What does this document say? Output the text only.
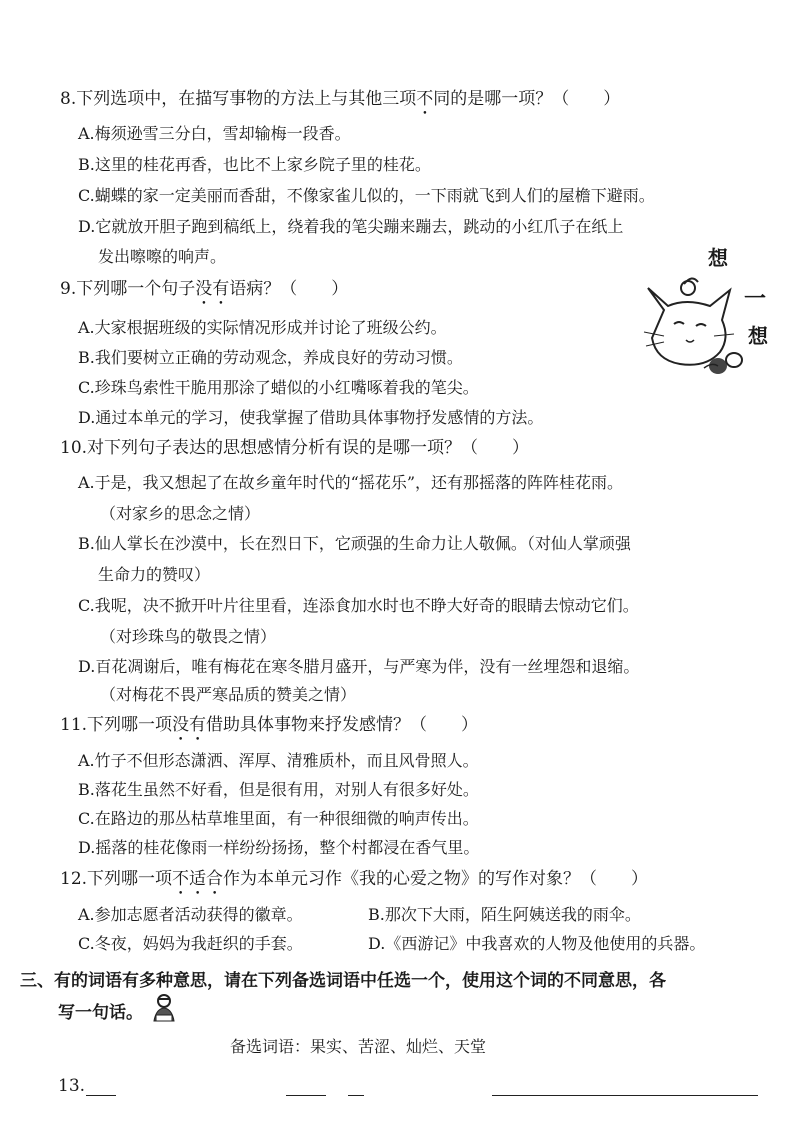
8.下列选项中，在描写事物的方法上与其他三项不同的是哪一项？（　　）
A.梅须逊雪三分白，雪却输梅一段香。
B.这里的桂花再香，也比不上家乡院子里的桂花。
C.蝴蝶的家一定美丽而香甜，不像家雀儿似的，一下雨就飞到人们的屋檐下避雨。
D.它就放开胆子跑到稿纸上，绕着我的笔尖蹦来蹦去，跳动的小红爪子在纸上
发出嚓嚓的响声。
9.下列哪一个句子没有语病？（　　）
A.大家根据班级的实际情况形成并讨论了班级公约。
B.我们要树立正确的劳动观念，养成良好的劳动习惯。
C.珍珠鸟索性干脆用那涂了蜡似的小红嘴啄着我的笔尖。
D.通过本单元的学习，使我掌握了借助具体事物抒发感情的方法。
想
一
想
10.对下列句子表达的思想感情分析有误的是哪一项？（　　）
A.于是，我又想起了在故乡童年时代的“摇花乐”，还有那摇落的阵阵桂花雨。
（对家乡的思念之情）
B.仙人掌长在沙漠中，长在烈日下，它顽强的生命力让人敬佩。（对仙人掌顽强
生命力的赞叹）
C.我呢，决不掀开叶片往里看，连添食加水时也不睁大好奇的眼睛去惊动它们。
（对珍珠鸟的敬畏之情）
D.百花凋谢后，唯有梅花在寒冬腊月盛开，与严寒为伴，没有一丝埋怨和退缩。
（对梅花不畏严寒品质的赞美之情）
11.下列哪一项没有借助具体事物来抒发感情？（　　）
A.竹子不但形态潇洒、浑厚、清雅质朴，而且风骨照人。
B.落花生虽然不好看，但是很有用，对别人有很多好处。
C.在路边的那丛枯草堆里面，有一种很细微的响声传出。
D.摇落的桂花像雨一样纷纷扬扬，整个村都浸在香气里。
12.下列哪一项不适合作为本单元习作《我的心爱之物》的写作对象？（　　）
A.参加志愿者活动获得的徽章。	B.那次下大雨，陌生阿姨送我的雨伞。
C.冬夜，妈妈为我赶织的手套。	D.《西游记》中我喜欢的人物及他使用的兵器。
三、有的词语有多种意思，请在下列备选词语中任选一个，使用这个词的不同意思，各
写一句话。
备选词语：果实、苦涩、灿烂、天堂
13.
